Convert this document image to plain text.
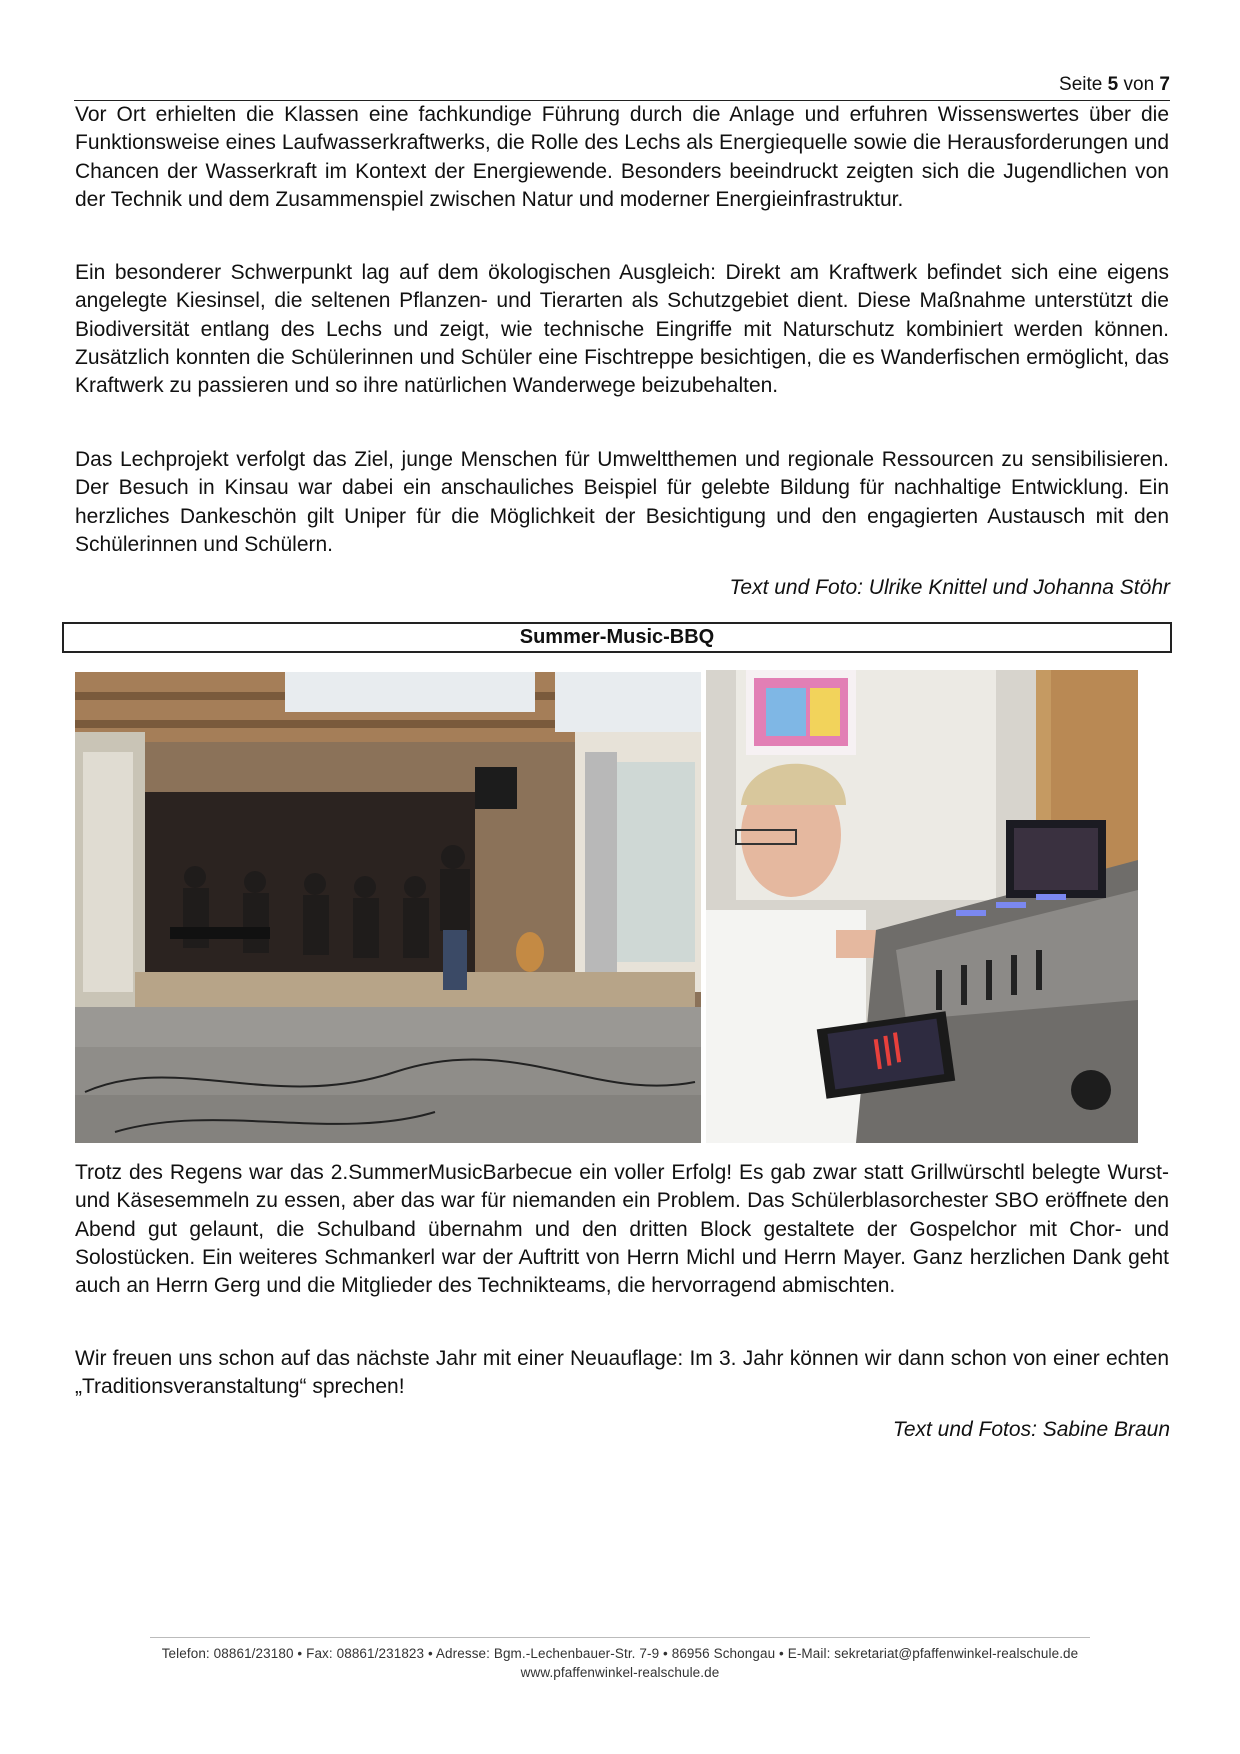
Seite 5 von 7

Vor Ort erhielten die Klassen eine fachkundige Führung durch die Anlage und erfuhren Wissenswertes über die Funktionsweise eines Laufwasserkraftwerks, die Rolle des Lechs als Energiequelle sowie die Herausforderungen und Chancen der Wasserkraft im Kontext der Energiewende. Besonders beeindruckt zeigten sich die Jugendlichen von der Technik und dem Zusammenspiel zwischen Natur und moderner Energieinfrastruktur.

Ein besonderer Schwerpunkt lag auf dem ökologischen Ausgleich: Direkt am Kraftwerk befindet sich eine eigens angelegte Kiesinsel, die seltenen Pflanzen- und Tierarten als Schutzgebiet dient. Diese Maßnahme unterstützt die Biodiversität entlang des Lechs und zeigt, wie technische Eingriffe mit Naturschutz kombiniert werden können. Zusätzlich konnten die Schülerinnen und Schüler eine Fischtreppe besichtigen, die es Wanderfischen ermöglicht, das Kraftwerk zu passieren und so ihre natürlichen Wanderwege beizubehalten.

Das Lechprojekt verfolgt das Ziel, junge Menschen für Umweltthemen und regionale Ressourcen zu sensibilisieren. Der Besuch in Kinsau war dabei ein anschauliches Beispiel für gelebte Bildung für nachhaltige Entwicklung. Ein herzliches Dankeschön gilt Uniper für die Möglichkeit der Besichtigung und den engagierten Austausch mit den Schülerinnen und Schülern.

Text und Foto: Ulrike Knittel und Johanna Stöhr

Summer-Music-BBQ

Trotz des Regens war das 2.SummerMusicBarbecue ein voller Erfolg! Es gab zwar statt Grillwürschtl belegte Wurst- und Käsesemmeln zu essen, aber das war für niemanden ein Problem. Das Schülerblasorchester SBO eröffnete den Abend gut gelaunt, die Schulband übernahm und den dritten Block gestaltete der Gospelchor mit Chor- und Solostücken. Ein weiteres Schmankerl war der Auftritt von Herrn Michl und Herrn Mayer. Ganz herzlichen Dank geht auch an Herrn Gerg und die Mitglieder des Technikteams, die hervorragend abmischten.

Wir freuen uns schon auf das nächste Jahr mit einer Neuauflage: Im 3. Jahr können wir dann schon von einer echten „Traditionsveranstaltung“ sprechen!

Text und Fotos: Sabine Braun

Telefon: 08861/23180 • Fax: 08861/231823 • Adresse: Bgm.-Lechenbauer-Str. 7-9 • 86956 Schongau • E-Mail: sekretariat@pfaffenwinkel-realschule.de
www.pfaffenwinkel-realschule.de
